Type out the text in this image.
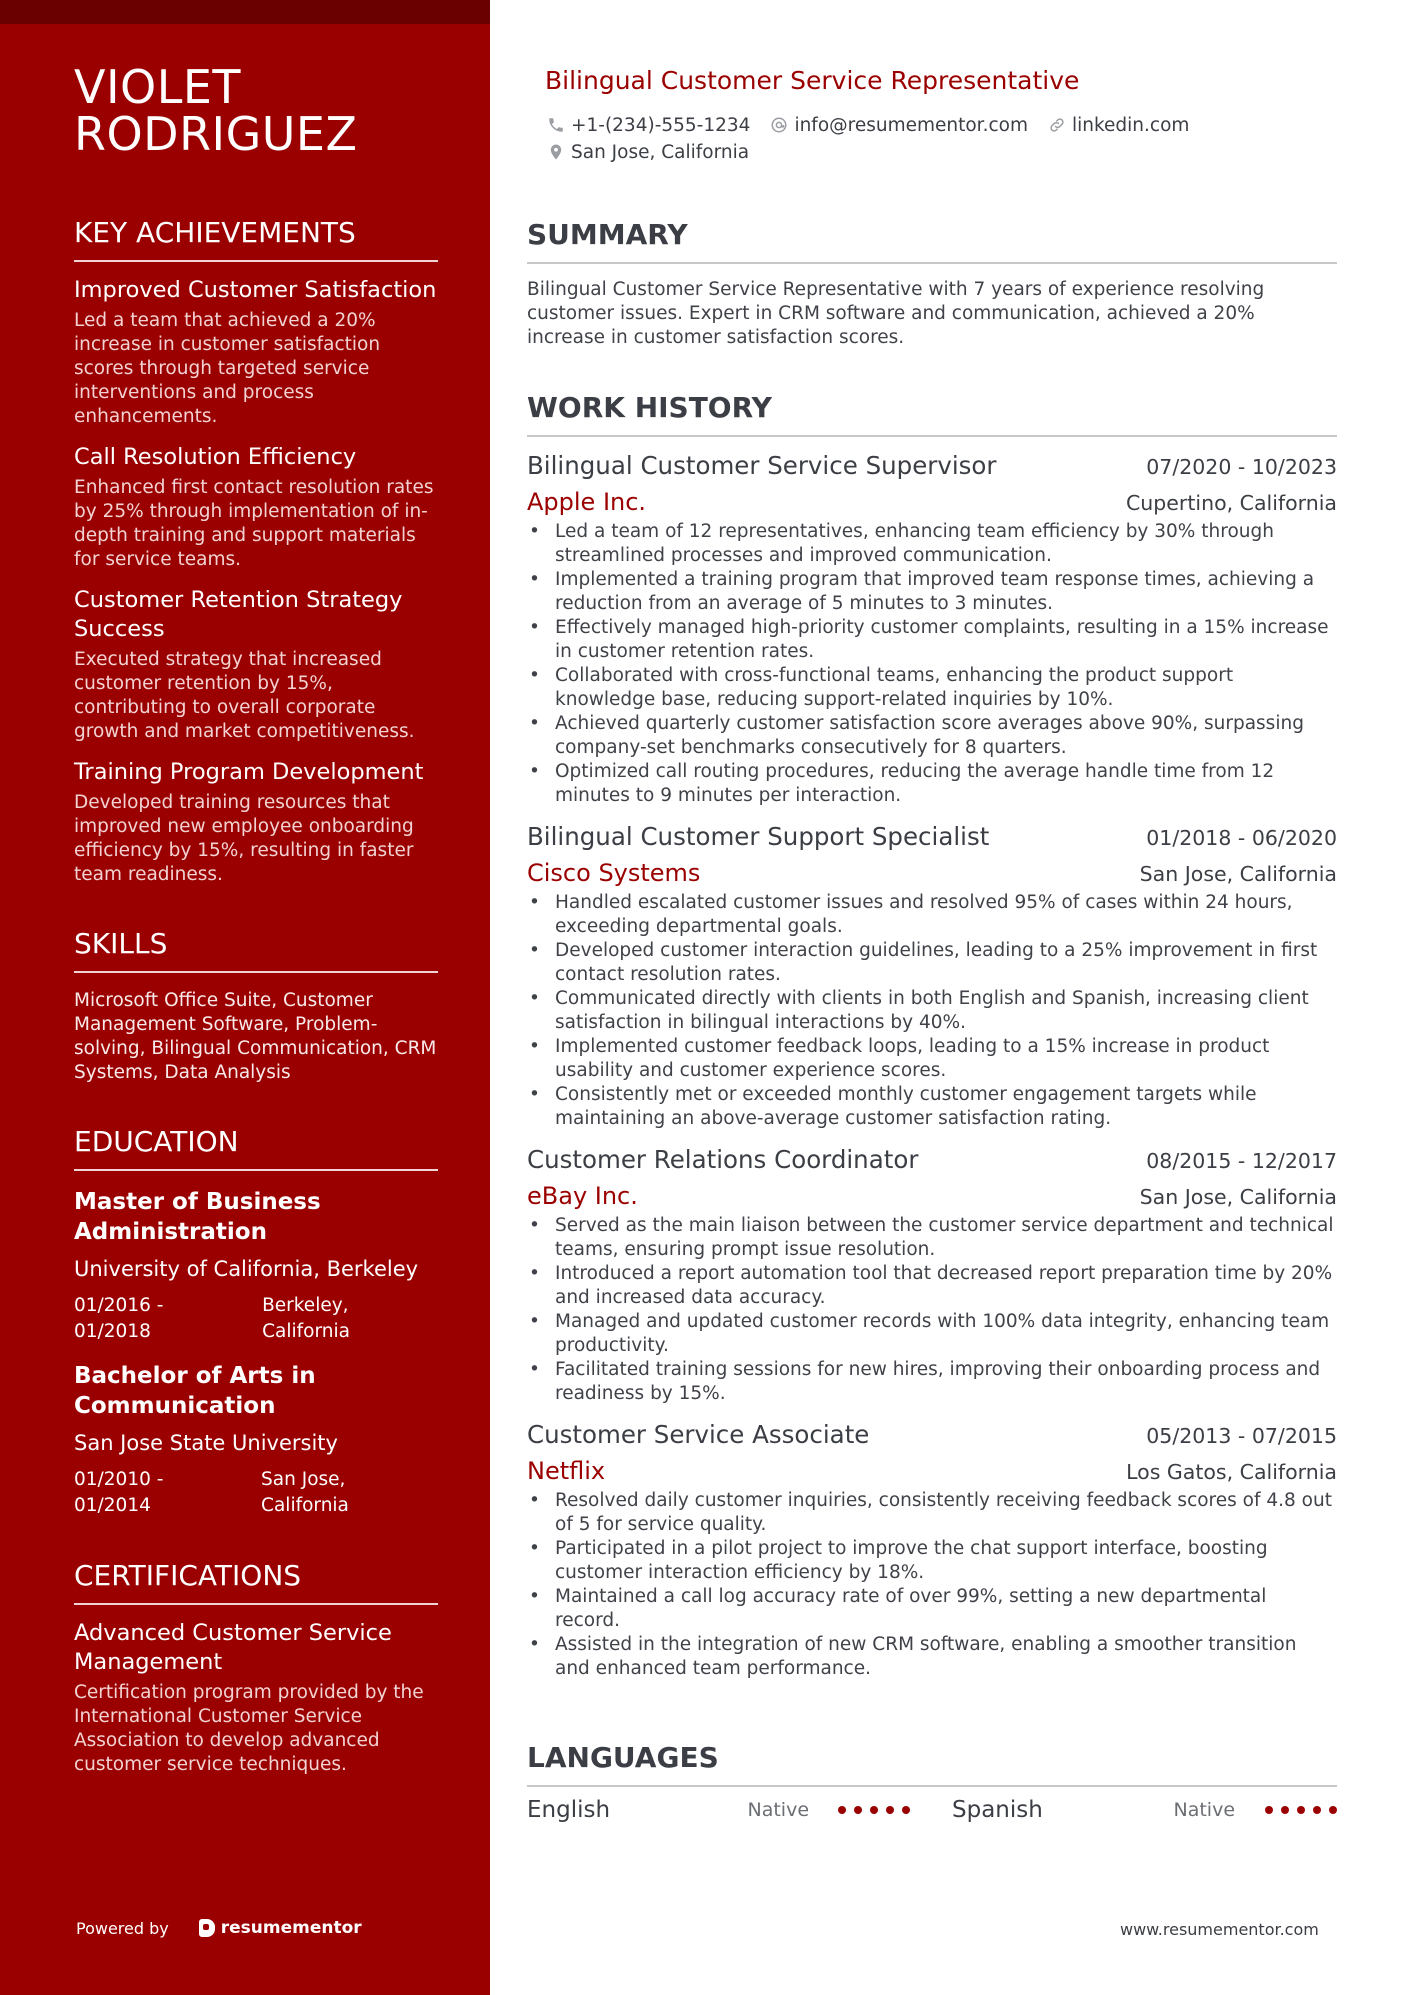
VIOLET
RODRIGUEZ
KEY ACHIEVEMENTS
Improved Customer Satisfaction
Led a team that achieved a 20% increase in customer satisfaction scores through targeted service interventions and process enhancements.
Call Resolution Efficiency
Enhanced first contact resolution rates by 25% through implementation of in-depth training and support materials for service teams.
Customer Retention Strategy Success
Executed strategy that increased customer retention by 15%, contributing to overall corporate growth and market competitiveness.
Training Program Development
Developed training resources that improved new employee onboarding efficiency by 15%, resulting in faster team readiness.
SKILLS
Microsoft Office Suite, Customer Management Software, Problem-solving, Bilingual Communication, CRM Systems, Data Analysis
EDUCATION
Master of Business Administration
University of California, Berkeley
01/2016 - 01/2018
Berkeley, California
Bachelor of Arts in Communication
San Jose State University
01/2010 - 01/2014
San Jose, California
CERTIFICATIONS
Advanced Customer Service Management
Certification program provided by the International Customer Service Association to develop advanced customer service techniques.
Powered by	resumementor
Bilingual Customer Service Representative
+1-(234)-555-1234 info@resumementor.com linkedin.com
San Jose, California
SUMMARY

Bilingual Customer Service Representative with 7 years of experience resolving customer issues. Expert in CRM software and communication, achieved a 20% increase in customer satisfaction scores.

WORK HISTORY
Bilingual Customer Service Supervisor	07/2020 - 10/2023
Apple Inc.	Cupertino, California
• Led a team of 12 representatives, enhancing team efficiency by 30% through streamlined processes and improved communication.
• Implemented a training program that improved team response times, achieving a reduction from an average of 5 minutes to 3 minutes.
• Effectively managed high-priority customer complaints, resulting in a 15% increase in customer retention rates.
• Collaborated with cross-functional teams, enhancing the product support knowledge base, reducing support-related inquiries by 10%.
• Achieved quarterly customer satisfaction score averages above 90%, surpassing company-set benchmarks consecutively for 8 quarters.
• Optimized call routing procedures, reducing the average handle time from 12 minutes to 9 minutes per interaction.
Bilingual Customer Support Specialist	01/2018 - 06/2020
Cisco Systems	San Jose, California
• Handled escalated customer issues and resolved 95% of cases within 24 hours, exceeding departmental goals.
• Developed customer interaction guidelines, leading to a 25% improvement in first contact resolution rates.
• Communicated directly with clients in both English and Spanish, increasing client satisfaction in bilingual interactions by 40%.
• Implemented customer feedback loops, leading to a 15% increase in product usability and customer experience scores.
• Consistently met or exceeded monthly customer engagement targets while maintaining an above-average customer satisfaction rating.
Customer Relations Coordinator	08/2015 - 12/2017
eBay Inc.	San Jose, California
• Served as the main liaison between the customer service department and technical teams, ensuring prompt issue resolution.
• Introduced a report automation tool that decreased report preparation time by 20% and increased data accuracy.
• Managed and updated customer records with 100% data integrity, enhancing team productivity.
• Facilitated training sessions for new hires, improving their onboarding process and readiness by 15%.
Customer Service Associate	05/2013 - 07/2015
Netflix	Los Gatos, California
• Resolved daily customer inquiries, consistently receiving feedback scores of 4.8 out of 5 for service quality.
• Participated in a pilot project to improve the chat support interface, boosting customer interaction efficiency by 18%.
• Maintained a call log accuracy rate of over 99%, setting a new departmental record.
• Assisted in the integration of new CRM software, enabling a smoother transition and enhanced team performance.
LANGUAGES
English	Native	Spanish	Native
www.resumementor.com
